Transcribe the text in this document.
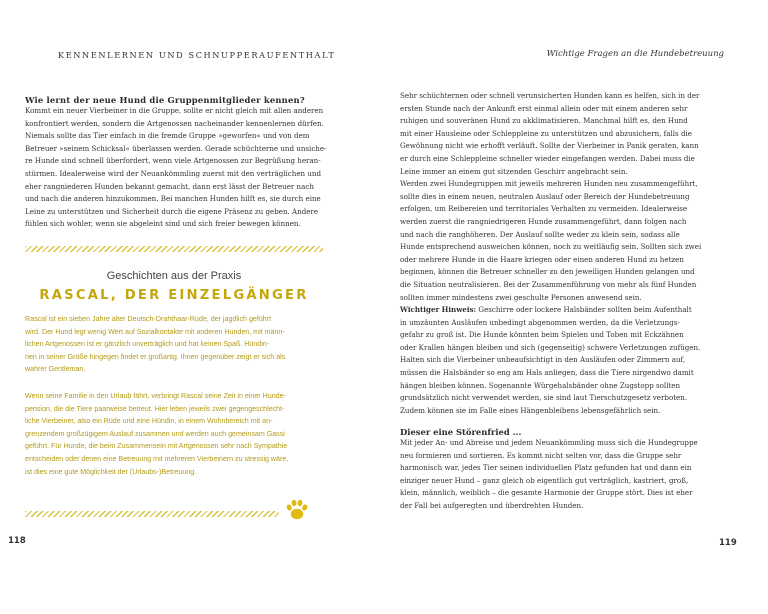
KENNENLERNEN UND SCHNUPPERAUFENTHALT
Wie lernt der neue Hund die Gruppenmitglieder kennen?
Kommt ein neuer Vierbeiner in die Gruppe, sollte er nicht gleich mit allen anderen
konfrontiert werden, sondern die Artgenossen nacheinander kennenlernen dürfen.
Niemals sollte das Tier einfach in die fremde Gruppe »geworfen« und von dem
Betreuer »seinem Schicksal« überlassen werden. Gerade schüchterne und unsiche-
re Hunde sind schnell überfordert, wenn viele Artgenossen zur Begrüßung heran-
stürmen. Idealerweise wird der Neuankömmling zuerst mit den verträglichen und
eher rangniederen Hunden bekannt gemacht, dann erst lässt der Betreuer nach
und nach die anderen hinzukommen. Bei manchen Hunden hilft es, sie durch eine
Leine zu unterstützen und Sicherheit durch die eigene Präsenz zu geben. Andere
fühlen sich wohler, wenn sie abgeleint sind und sich freier bewegen können.
Geschichten aus der Praxis
RASCAL, DER EINZELGÄNGER
Rascal ist ein sieben Jahre alter Deutsch-Drahthaar-Rüde, der jagdlich geführt
wird. Der Hund legt wenig Wert auf Sozialkontakte mit anderen Hunden, mit männ-
lichen Artgenossen ist er gänzlich unverträglich und hat keinen Spaß. Hündin-
nen in seiner Größe hingegen findet er großartig. Ihnen gegenüber zeigt er sich als
wahrer Gentleman.
Wenn seine Familie in den Urlaub fährt, verbringt Rascal seine Zeit in einer Hunde-
pension, die die Tiere paarweise betreut. Hier leben jeweils zwei gegengeschlecht-
liche Vierbeiner, also ein Rüde und eine Hündin, in einem Wohnbereich mit an-
grenzendem großzügigem Auslauf zusammen und werden auch gemeinsam Gassi
geführt. Für Hunde, die beim Zusammensein mit Artgenossen sehr nach Sympathie
entscheiden oder denen eine Betreuung mit mehreren Vierbeinern zu stressig wäre,
ist dies eine gute Möglichkeit der (Urlaubs-)Betreuung.
118
Wichtige Fragen an die Hundebetreuung
Sehr schüchternen oder schnell verunsicherten Hunden kann es helfen, sich in der
ersten Stunde nach der Ankunft erst einmal allein oder mit einem anderen sehr
ruhigen und souveränen Hund zu akklimatisieren. Manchmal hilft es, den Hund
mit einer Hausleine oder Schleppleine zu unterstützen und abzusichern, falls die
Gewöhnung nicht wie erhofft verläuft. Sollte der Vierbeiner in Panik geraten, kann
er durch eine Schleppleine schneller wieder eingefangen werden. Dabei muss die
Leine immer an einem gut sitzenden Geschirr angebracht sein.
Werden zwei Hundegruppen mit jeweils mehreren Hunden neu zusammengeführt,
sollte dies in einem neuen, neutralen Auslauf oder Bereich der Hundebetreuung
erfolgen, um Reibereien und territoriales Verhalten zu vermeiden. Idealerweise
werden zuerst die rangniedrigeren Hunde zusammengeführt, dann folgen nach
und nach die ranghöheren. Der Auslauf sollte weder zu klein sein, sodass alle
Hunde entsprechend ausweichen können, noch zu weitläufig sein. Sollten sich zwei
oder mehrere Hunde in die Haare kriegen oder einen anderen Hund zu hetzen
beginnen, können die Betreuer schneller zu den jeweiligen Hunden gelangen und
die Situation neutralisieren. Bei der Zusammenführung von mehr als fünf Hunden
sollten immer mindestens zwei geschulte Personen anwesend sein.
Wichtiger Hinweis: Geschirre oder lockere Halsbänder sollten beim Aufenthalt
in umzäunten Ausläufen unbedingt abgenommen werden, da die Verletzungs-
gefahr zu groß ist. Die Hunde könnten beim Spielen und Toben mit Eckzähnen
oder Krallen hängen bleiben und sich (gegenseitig) schwere Verletzungen zufügen.
Halten sich die Vierbeiner unbeaufsichtigt in den Ausläufen oder Zimmern auf,
müssen die Halsbänder so eng am Hals anliegen, dass die Tiere nirgendwo damit
hängen bleiben können. Sogenannte Würgehalsbänder ohne Zugstopp sollten
grundsätzlich nicht verwendet werden, sie sind laut Tierschutzgesetz verboten.
Zudem können sie im Falle eines Hängenbleibens lebensgefährlich sein.
Dieser eine Störenfried ...
Mit jeder An- und Abreise und jedem Neuankömmling muss sich die Hundegruppe
neu formieren und sortieren. Es kommt nicht selten vor, dass die Gruppe sehr
harmonisch war, jedes Tier seinen individuellen Platz gefunden hat und dann ein
einziger neuer Hund – ganz gleich ob eigentlich gut verträglich, kastriert, groß,
klein, männlich, weiblich – die gesamte Harmonie der Gruppe stört. Dies ist eher
der Fall bei aufgeregten und überdrehten Hunden.
119
